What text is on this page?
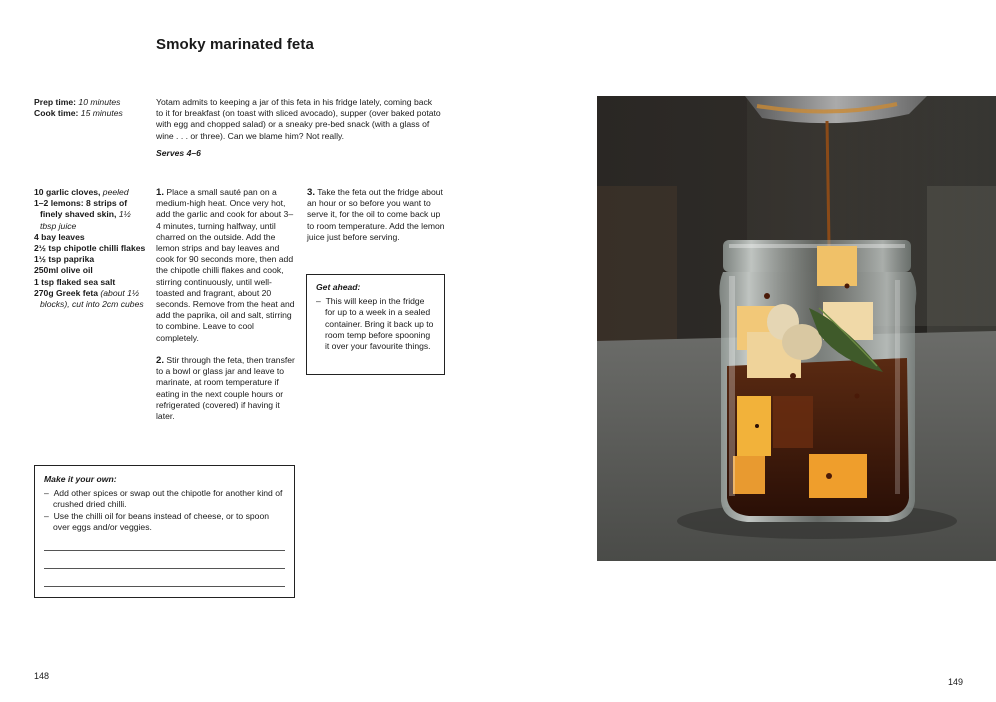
Smoky marinated feta
Prep time: 10 minutes
Cook time: 15 minutes
Yotam admits to keeping a jar of this feta in his fridge lately, coming back to it for breakfast (on toast with sliced avocado), supper (over baked potato with egg and chopped salad) or a sneaky pre-bed snack (with a glass of wine . . . or three). Can we blame him? Not really.
Serves 4–6
10 garlic cloves, peeled
1–2 lemons: 8 strips of finely shaved skin, 1½ tbsp juice
4 bay leaves
2½ tsp chipotle chilli flakes
1½ tsp paprika
250ml olive oil
1 tsp flaked sea salt
270g Greek feta (about 1½ blocks), cut into 2cm cubes
1. Place a small sauté pan on a medium-high heat. Once very hot, add the garlic and cook for about 3–4 minutes, turning halfway, until charred on the outside. Add the lemon strips and bay leaves and cook for 90 seconds more, then add the chipotle chilli flakes and cook, stirring continuously, until well-toasted and fragrant, about 20 seconds. Remove from the heat and add the paprika, oil and salt, stirring to combine. Leave to cool completely.
2. Stir through the feta, then transfer to a bowl or glass jar and leave to marinate, at room temperature if eating in the next couple hours or refrigerated (covered) if having it later.
3. Take the feta out the fridge about an hour or so before you want to serve it, for the oil to come back up to room temperature. Add the lemon juice just before serving.
Get ahead:
–  This will keep in the fridge for up to a week in a sealed container. Bring it back up to room temp before spooning it over your favourite things.
Make it your own:
–  Add other spices or swap out the chipotle for another kind of crushed dried chilli.
–  Use the chilli oil for beans instead of cheese, or to spoon over eggs and/or veggies.
148
149
